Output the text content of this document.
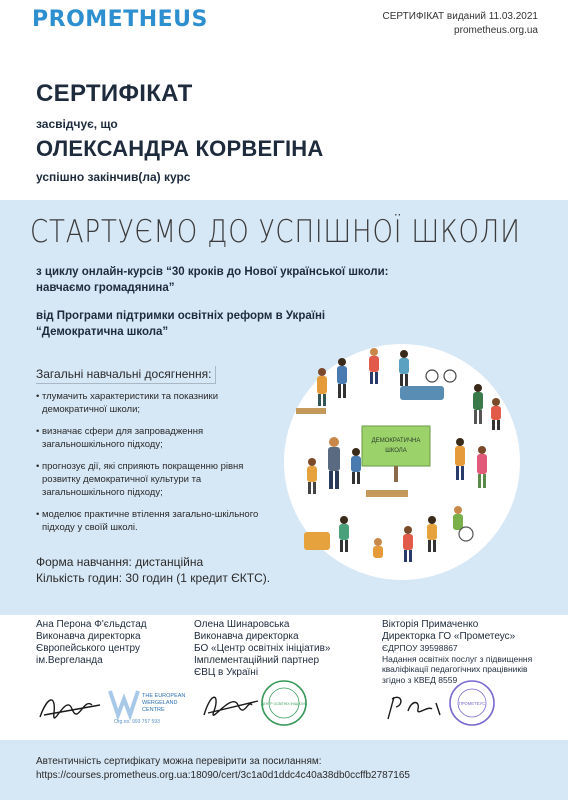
PROMETHEUS	СЕРТИФІКАТ виданий 11.03.2021
prometheus.org.ua
СЕРТИФІКАТ
засвідчує, що
ОЛЕКСАНДРА КОРВЕГІНА
успішно закінчив(ла) курс
СТАРТУЄМО ДО УСПІШНОЇ ШКОЛИ
з циклу онлайн-курсів “30 кроків до Нової української школи:
навчаємо громадянина”
від Програми підтримки освітніх реформ в Україні
“Демократична школа”
Загальні навчальні досягнення:
• тлумачить характеристики та показники демократичної школи;
• визначає сфери для запровадження загальношкільного підходу;
• прогнозує дії, які сприяють покращенню рівня розвитку демократичної культури та загальношкільного підходу;
• моделює практичне втілення загально-шкільного підходу у своїй школі.
Форма навчання: дистанційна
Кількість годин: 30 годин (1 кредит ЄКТС).
ДЕМОКРАТИЧНА
ШКОЛА
Ана Перона Ф'єльдстад
Виконавча директорка
Європейського центру
ім.Вергеланда
Олена Шинаровська
Виконавча директорка
БО «Центр освітніх ініціатив»
Імплементаційний партнер
ЄВЦ в Україні
Вікторія Примаченко
Директорка ГО «Прометеус»
ЄДРПОУ 39598867
Надання освітніх послуг з підвищення
кваліфікації педагогічних працівників
згідно з КВЕД 8559
THE EUROPEAN
WERGELAND
CENTRE
Org.no. 993 757 593
ЦЕНТР ОСВІТНІХ ІНІЦІАТИВ	ПРОМЕТЕУС
Автентичність сертифікату можна перевірити за посиланням:
https://courses.prometheus.org.ua:18090/cert/3c1a0d1ddc4c40a38db0ccffb2787165
